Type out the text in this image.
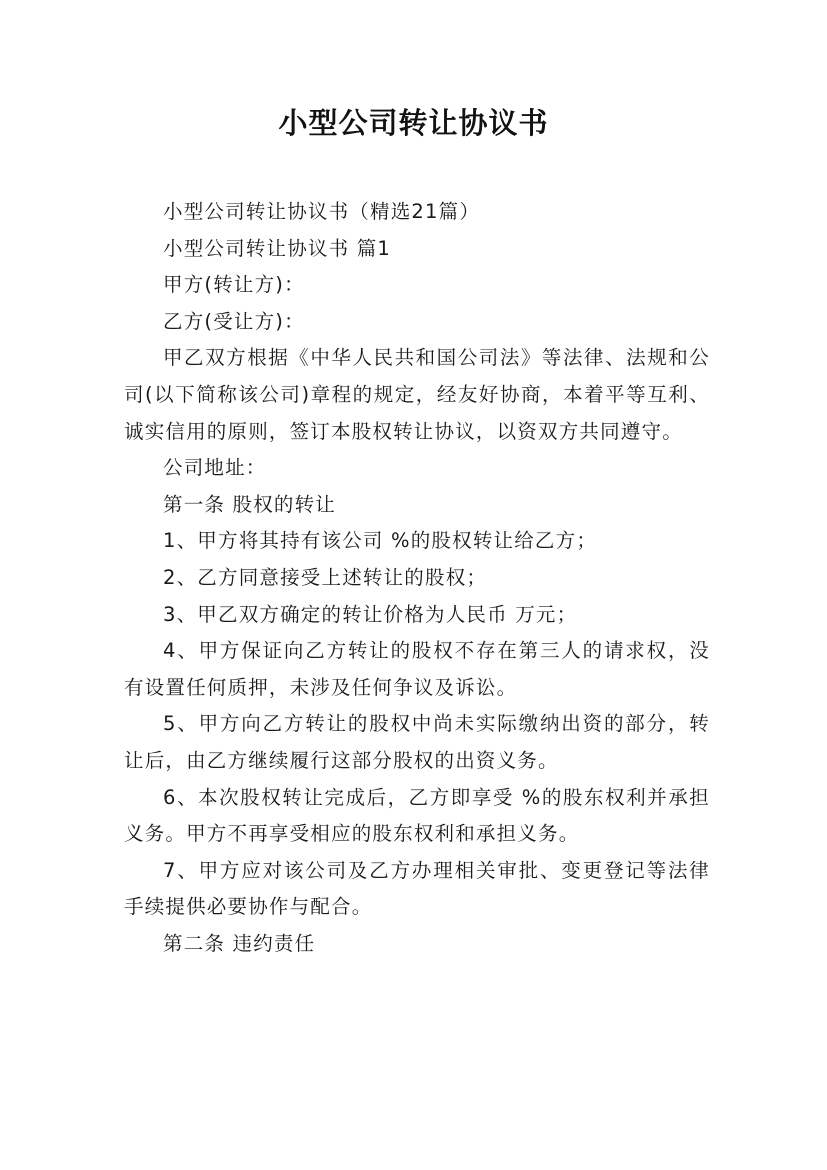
小型公司转让协议书

小型公司转让协议书（精选21篇）

小型公司转让协议书 篇1

甲方(转让方)：

乙方(受让方)：

甲乙双方根据《中华人民共和国公司法》等法律、法规和公司(以下简称该公司)章程的规定，经友好协商，本着平等互利、诚实信用的原则，签订本股权转让协议，以资双方共同遵守。

公司地址：

第一条 股权的转让

1、甲方将其持有该公司 %的股权转让给乙方；

2、乙方同意接受上述转让的股权；

3、甲乙双方确定的转让价格为人民币 万元；

4、甲方保证向乙方转让的股权不存在第三人的请求权，没有设置任何质押，未涉及任何争议及诉讼。

5、甲方向乙方转让的股权中尚未实际缴纳出资的部分，转让后，由乙方继续履行这部分股权的出资义务。

6、本次股权转让完成后，乙方即享受 %的股东权利并承担义务。甲方不再享受相应的股东权利和承担义务。

7、甲方应对该公司及乙方办理相关审批、变更登记等法律手续提供必要协作与配合。

第二条 违约责任
